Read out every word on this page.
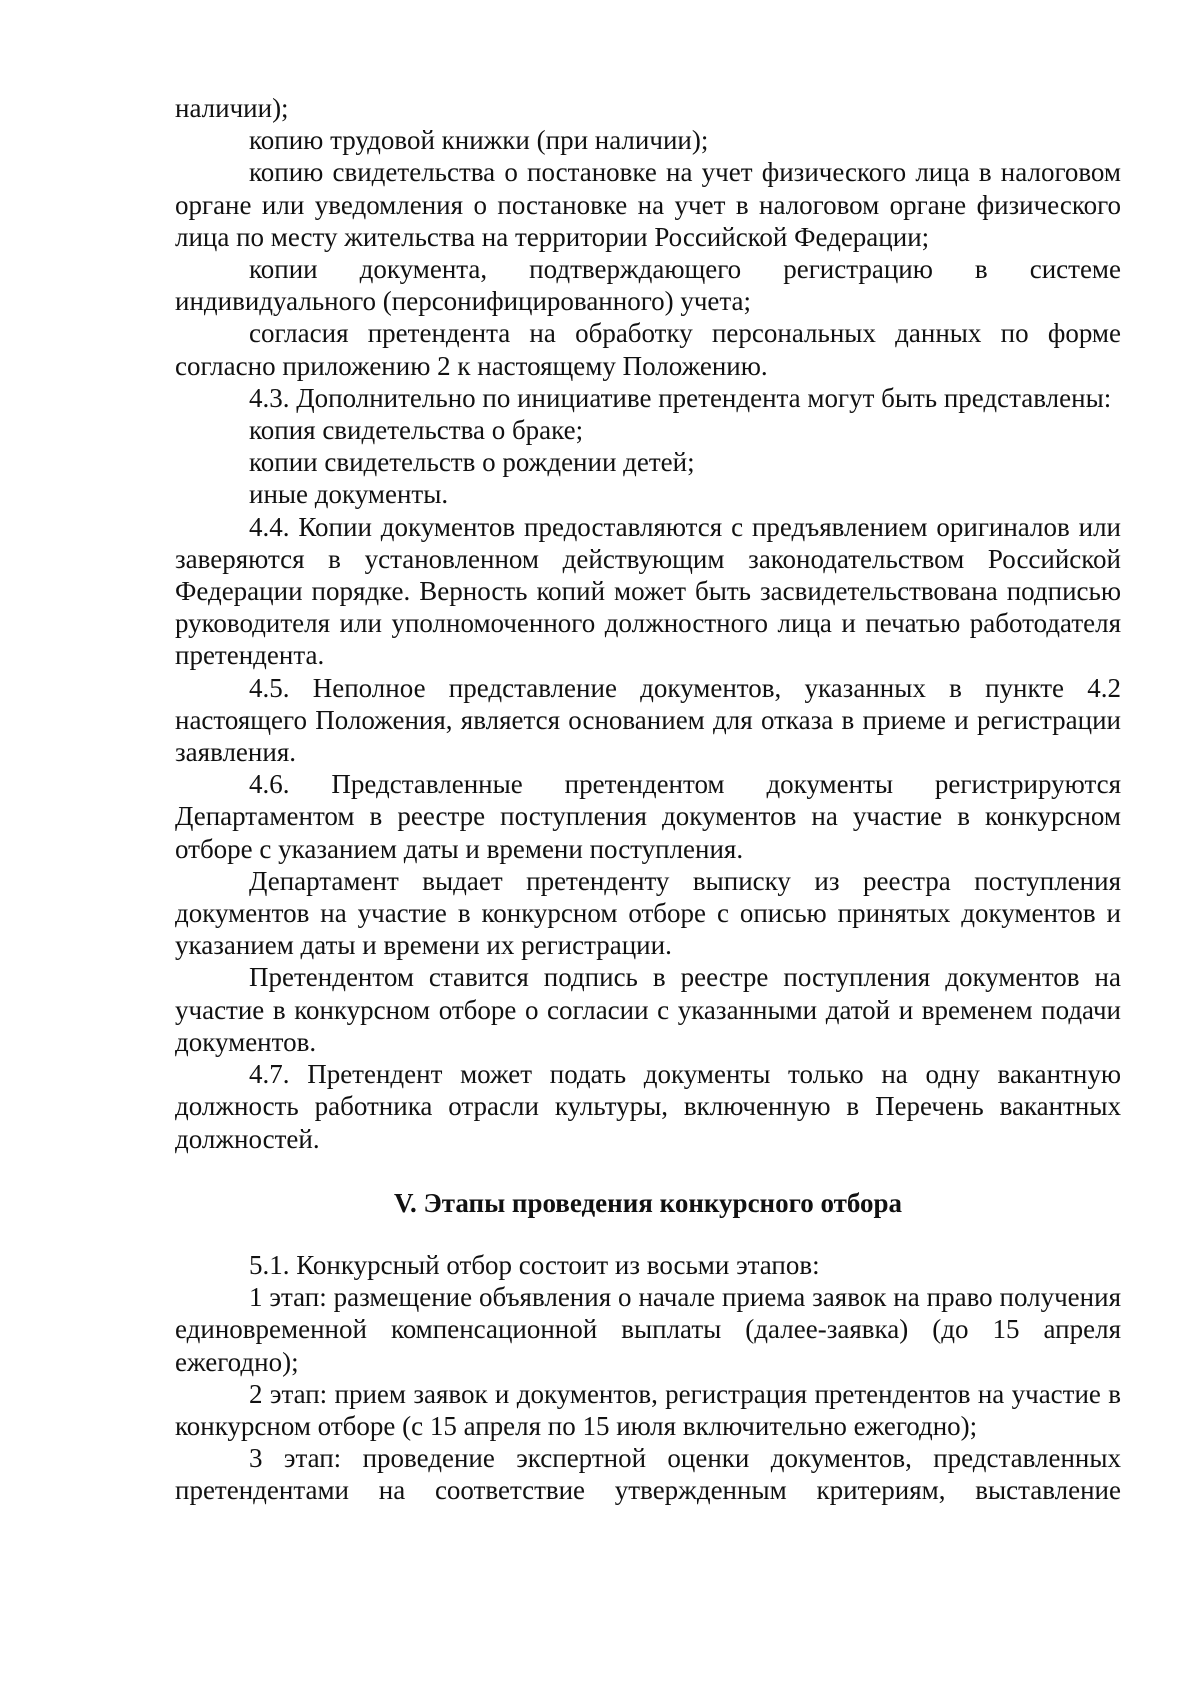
наличии);

копию трудовой книжки (при наличии);

копию свидетельства о постановке на учет физического лица в налоговом органе или уведомления о постановке на учет в налоговом органе физического лица по месту жительства на территории Российской Федерации;

копии документа, подтверждающего регистрацию в системе индивидуального (персонифицированного) учета;

согласия претендента на обработку персональных данных по форме согласно приложению 2 к настоящему Положению.

4.3. Дополнительно по инициативе претендента могут быть представлены:

копия свидетельства о браке;

копии свидетельств о рождении детей;

иные документы.

4.4. Копии документов предоставляются с предъявлением оригиналов или заверяются в установленном действующим законодательством Российской Федерации порядке. Верность копий может быть засвидетельствована подписью руководителя или уполномоченного должностного лица и печатью работодателя претендента.

4.5. Неполное представление документов, указанных в пункте 4.2 настоящего Положения, является основанием для отказа в приеме и регистрации заявления.

4.6. Представленные претендентом документы регистрируются Департаментом в реестре поступления документов на участие в конкурсном отборе с указанием даты и времени поступления.

Департамент выдает претенденту выписку из реестра поступления документов на участие в конкурсном отборе с описью принятых документов и указанием даты и времени их регистрации.

Претендентом ставится подпись в реестре поступления документов на участие в конкурсном отборе о согласии с указанными датой и временем подачи документов.

4.7. Претендент может подать документы только на одну вакантную должность работника отрасли культуры, включенную в Перечень вакантных должностей.

V. Этапы проведения конкурсного отбора

5.1. Конкурсный отбор состоит из восьми этапов:

1 этап: размещение объявления о начале приема заявок на право получения единовременной компенсационной выплаты (далее-заявка) (до 15 апреля ежегодно);

2 этап: прием заявок и документов, регистрация претендентов на участие в конкурсном отборе (с 15 апреля по 15 июля включительно ежегодно);

3 этап: проведение экспертной оценки документов, представленных претендентами на соответствие утвержденным критериям, выставление
